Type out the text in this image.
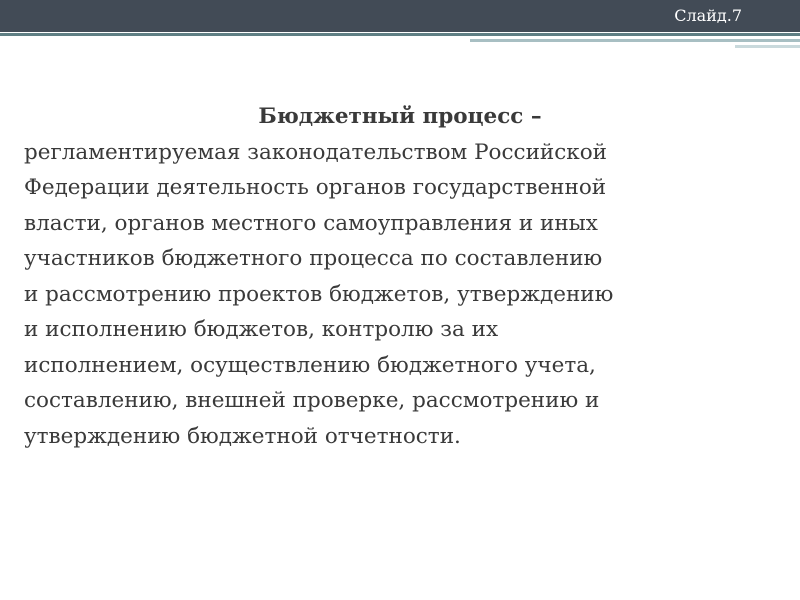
Слайд.7
Бюджетный процесс –
регламентируемая законодательством Российской
Федерации деятельность органов государственной
власти, органов местного самоуправления и иных
участников бюджетного процесса по составлению
и рассмотрению проектов бюджетов, утверждению
и исполнению бюджетов, контролю за их
исполнением, осуществлению бюджетного учета,
составлению, внешней проверке, рассмотрению и
утверждению бюджетной отчетности.
